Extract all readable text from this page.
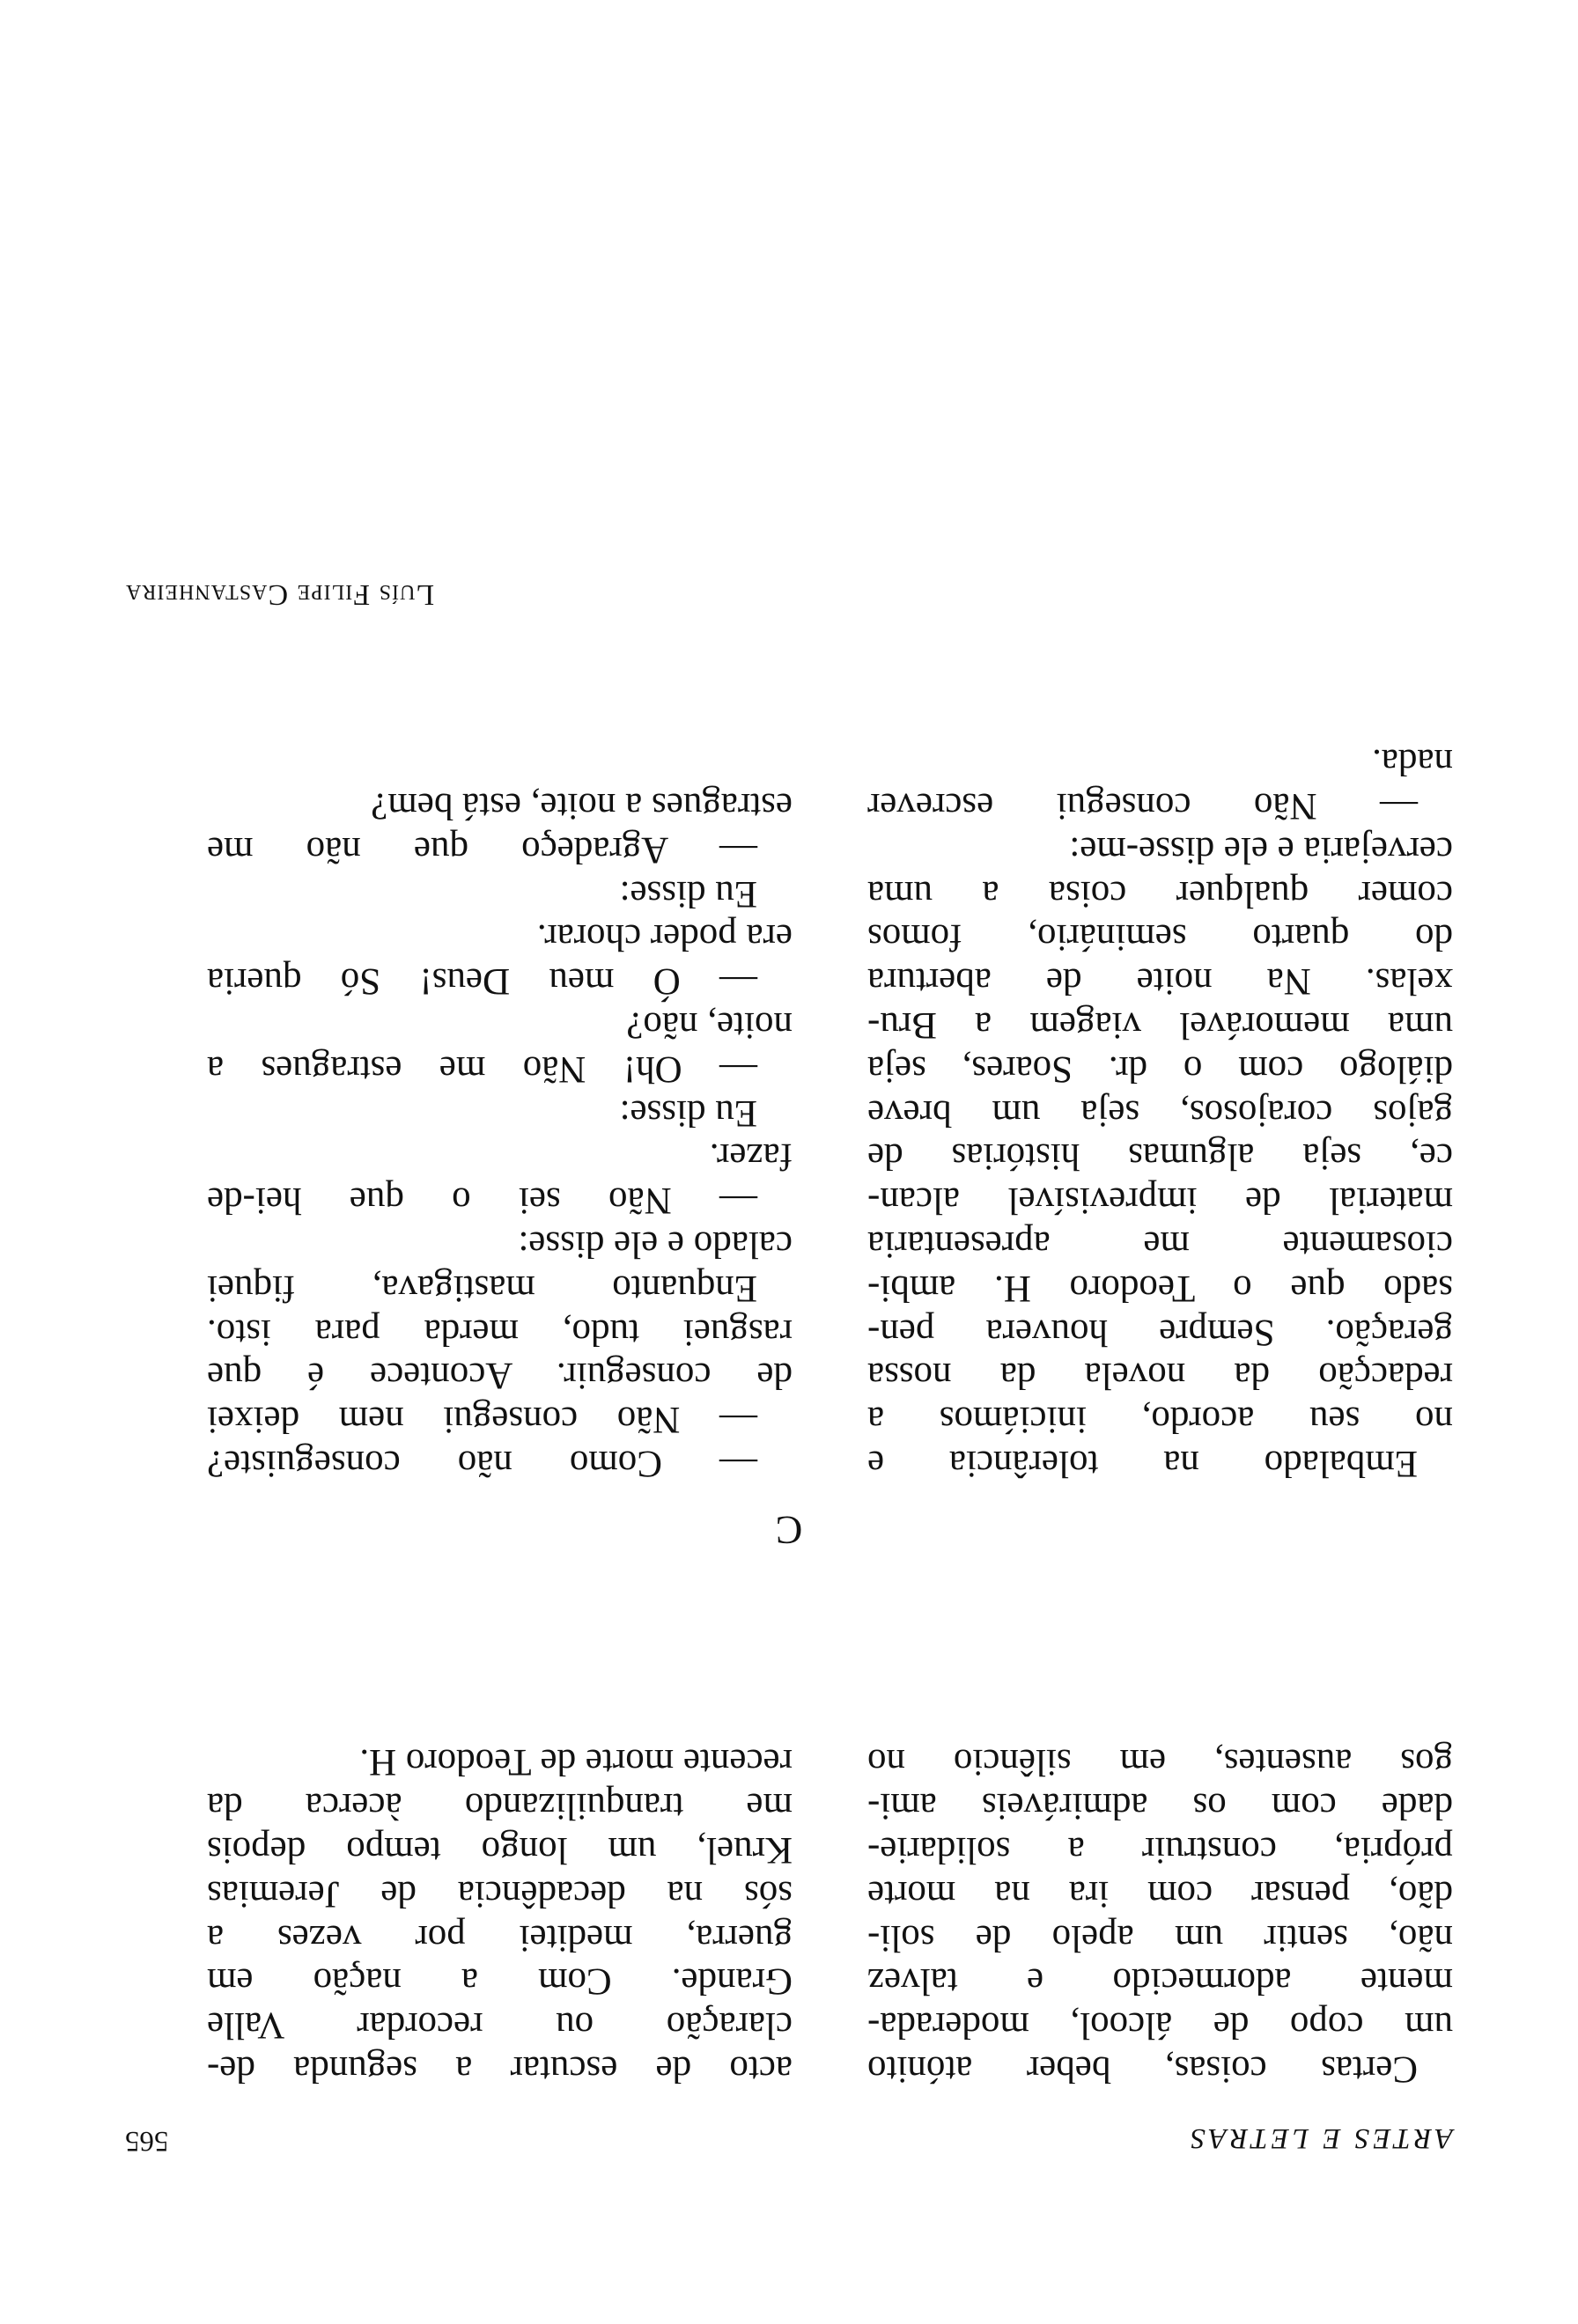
ARTES E LETRAS
565
Certas coisas, beber atónito
um copo de álcool, moderada-
mente adormecido e talvez
não, sentir um apelo de soli-
dão, pensar com ira na morte
própria, construir a solidarie-
dade com os admiráveis ami-
gos ausentes, em silêncio no
acto de escutar a segunda de-
claração ou recordar Valle
Grande. Com a nação em
guerra, meditei por vezes a
sós na decadência de Jeremias
Kruel, um longo tempo depois
me tranquilizando àcerca da
recente morte de Teodoro H.
C
Embalado na tolerância e
no seu acordo, iniciámos a
redacção da novela da nossa
geração. Sempre houvera pen-
sado que o Teodoro H. ambi-
ciosamente me apresentaria
material de imprevisível alcan-
ce, seja algumas histórias de
gajos corajosos, seja um breve
diálogo com o dr. Soares, seja
uma memorável viagem a Bru-
xelas. Na noite de abertura
do quarto seminário, fomos
comer qualquer coisa a uma
cervejaria e ele disse-me:
— Não consegui escrever
nada.
— Como não conseguiste?
— Não consegui nem deixei
de conseguir. Acontece é que
rasguei tudo, merda para isto.
Enquanto mastigava, fiquei
calado e ele disse:
— Não sei o que hei-de
fazer.
Eu disse:
— Oh! Não me estragues a
noite, não?
— Ó meu Deus! Só queria
era poder chorar.
Eu disse:
— Agradeço que não me
estragues a noite, está bem?
Luís Filipe Castanheira
